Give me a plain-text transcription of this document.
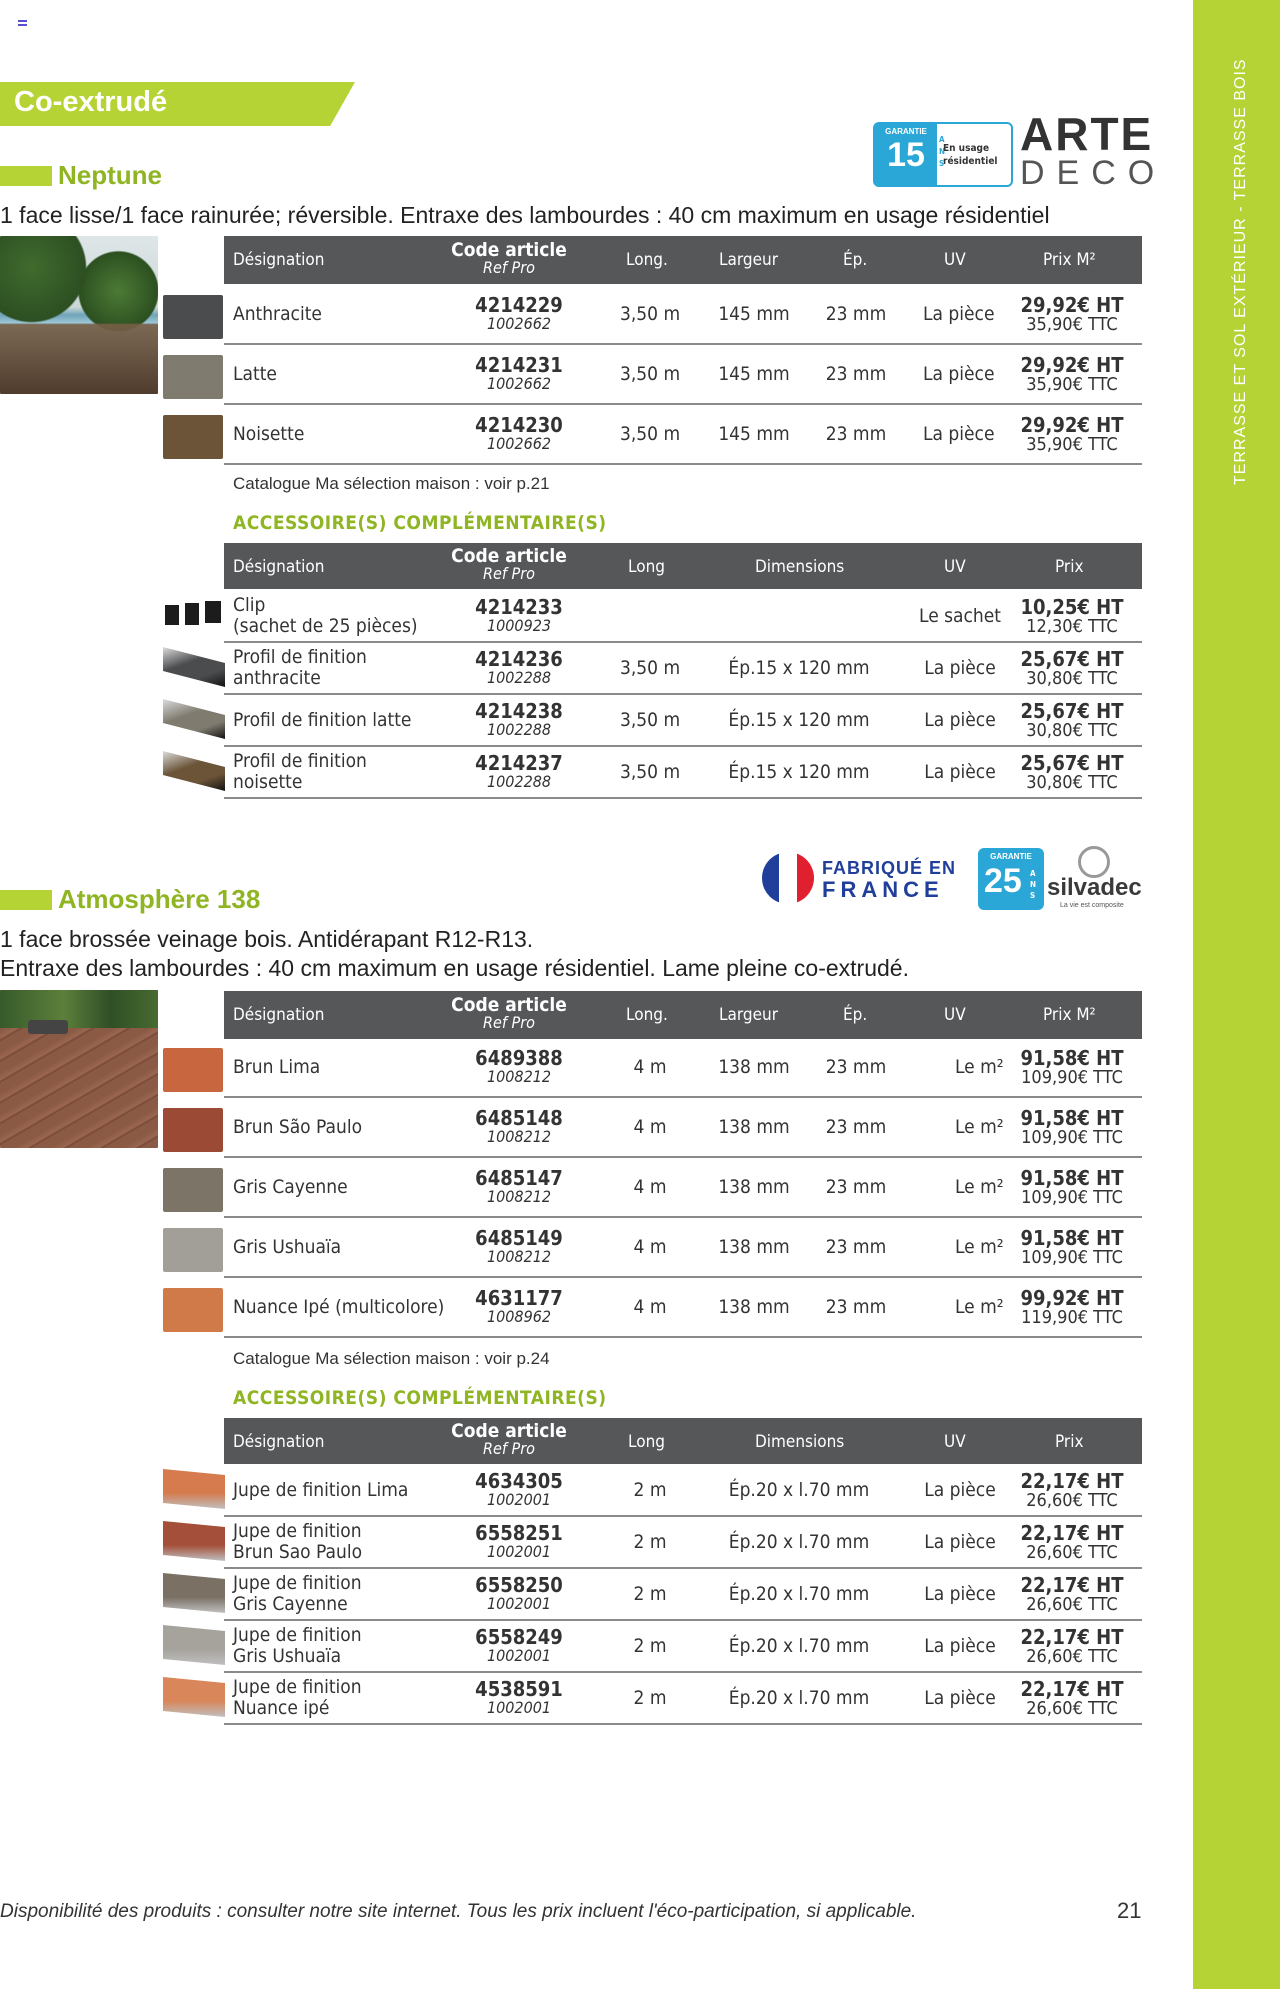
TERRASSE ET SOL EXTÉRIEUR - TERRASSE BOIS
Co-extrudé
GARANTIE
15	A N S
En usage résidentiel
ARTE
DECO
Neptune
1 face lisse/1 face rainurée; réversible. Entraxe des lambourdes : 40 cm maximum en usage résidentiel
Désignation	Code article
Ref Pro	Long.	Largeur	Ép.	UV	Prix M²
Anthracite	4214229
1002662	3,50 m 145 mm 23 mm La pièce	29,92€ HT
35,90€ TTC
Latte	4214231
1002662	3,50 m 145 mm 23 mm La pièce	29,92€ HT
35,90€ TTC
Noisette	4214230
1002662	3,50 m 145 mm 23 mm La pièce	29,92€ HT
35,90€ TTC
Catalogue Ma sélection maison : voir p.21
ACCESSOIRE(S) COMPLÉMENTAIRE(S)
Désignation	Code article
Ref Pro	Long	Dimensions	UV	Prix
Clip
(sachet de 25 pièces)
4214233
1000923	Le sachet 10,25€ HT
12,30€ TTC
Profil de finition
anthracite
4214236
1002288	3,50 m	Ép.15 x 120 mm	La pièce	25,67€ HT
30,80€ TTC
Profil de finition latte	4214238
1002288	3,50 m	Ép.15 x 120 mm	La pièce	25,67€ HT
30,80€ TTC
Profil de finition
noisette
4214237
1002288	3,50 m	Ép.15 x 120 mm	La pièce	25,67€ HT
30,80€ TTC
FABRIQUÉ EN
FRANCE
GARANTIE
25	A N S silvadec
La vie est composite
Atmosphère 138
1 face brossée veinage bois. Antidérapant R12-R13.
Entraxe des lambourdes : 40 cm maximum en usage résidentiel. Lame pleine co-extrudé.
Désignation	Code article
Ref Pro	Long.	Largeur	Ép.	UV	Prix M²
Brun Lima	6489388
1008212	4 m	138 mm 23 mm	Le m² 91,58€ HT
109,90€ TTC
Brun São Paulo	6485148
1008212	4 m	138 mm 23 mm	Le m² 91,58€ HT
109,90€ TTC
Gris Cayenne	6485147
1008212	4 m	138 mm 23 mm	Le m² 91,58€ HT
109,90€ TTC
Gris Ushuaïa	6485149
1008212	4 m	138 mm 23 mm	Le m² 91,58€ HT
109,90€ TTC
Nuance Ipé (multicolore)	4631177
1008962	4 m	138 mm 23 mm	Le m² 99,92€ HT
119,90€ TTC
Catalogue Ma sélection maison : voir p.24
ACCESSOIRE(S) COMPLÉMENTAIRE(S)
Désignation	Code article
Ref Pro	Long	Dimensions	UV	Prix
Jupe de finition Lima	4634305
1002001	2 m	Ép.20 x l.70 mm	La pièce	22,17€ HT
26,60€ TTC
Jupe de finition
Brun Sao Paulo
6558251
1002001	2 m	Ép.20 x l.70 mm	La pièce	22,17€ HT
26,60€ TTC
Jupe de finition
Gris Cayenne
6558250
1002001	2 m	Ép.20 x l.70 mm	La pièce	22,17€ HT
26,60€ TTC
Jupe de finition
Gris Ushuaïa
6558249
1002001	2 m	Ép.20 x l.70 mm	La pièce	22,17€ HT
26,60€ TTC
Jupe de finition
Nuance ipé
4538591
1002001	2 m	Ép.20 x l.70 mm	La pièce	22,17€ HT
26,60€ TTC
Disponibilité des produits : consulter notre site internet. Tous les prix incluent l'éco-participation, si applicable.	21
